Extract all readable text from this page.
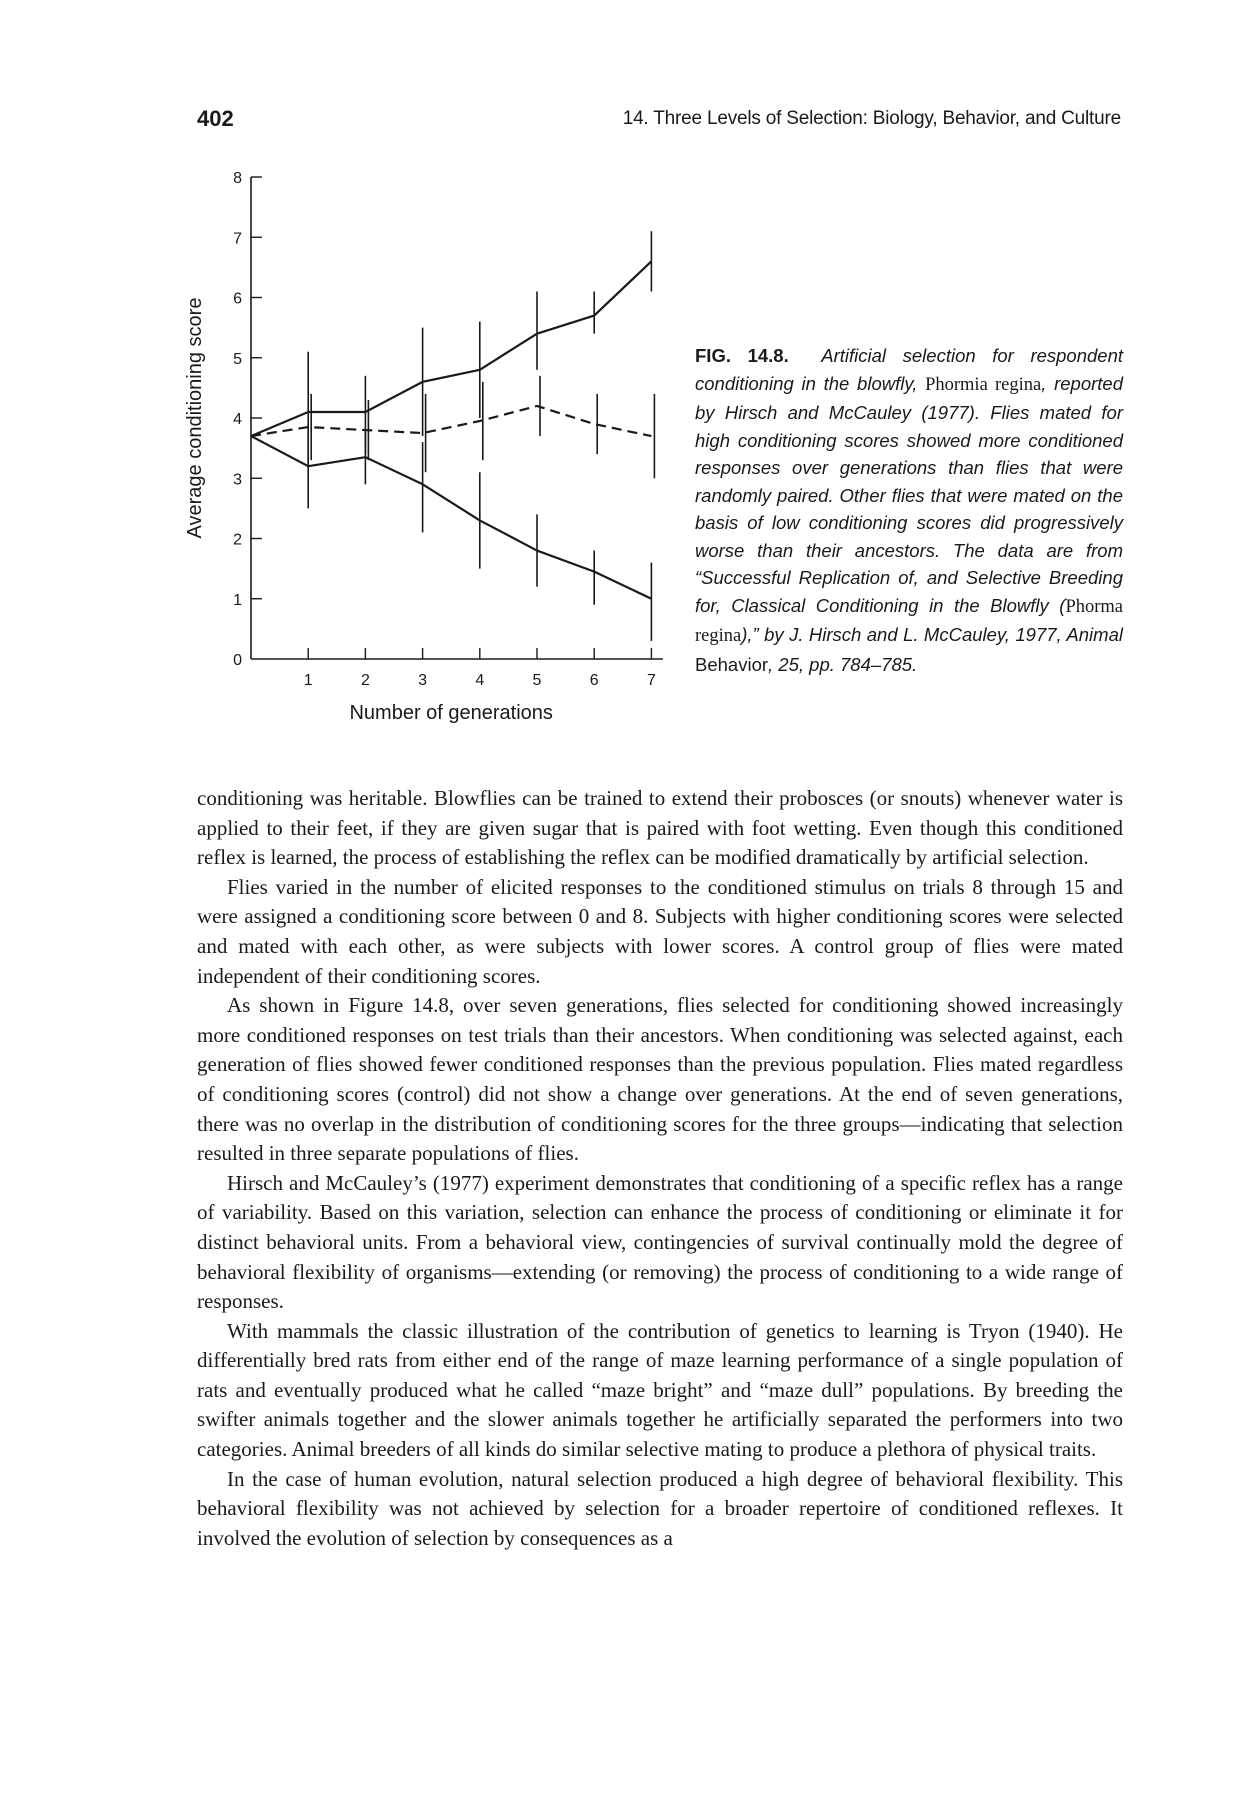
402	14. Three Levels of Selection: Biology, Behavior, and Culture
0
1
2
3
4
5
6
7
8
1	2	3	4	5	6	7
Number of generations
Average conditioning score	FIG. 14.8. Artificial selection for respondent conditioning in the blowfly, Phormia regina, reported by Hirsch and McCauley (1977). Flies mated for high conditioning scores showed more conditioned responses over generations than flies that were randomly paired. Other flies that were mated on the basis of low conditioning scores did progressively worse than their ancestors. The data are from “Successful Replication of, and Selective Breeding for, Classical Conditioning in the Blowfly (Phorma regina),” by J. Hirsch and L. McCauley, 1977, Animal Behavior, 25, pp. 784–785.

conditioning was heritable. Blowflies can be trained to extend their probosces (or snouts) whenever water is applied to their feet, if they are given sugar that is paired with foot wetting. Even though this conditioned reflex is learned, the process of establishing the reflex can be modified dramatically by artificial selection.

Flies varied in the number of elicited responses to the conditioned stimulus on trials 8 through 15 and were assigned a conditioning score between 0 and 8. Subjects with higher conditioning scores were selected and mated with each other, as were subjects with lower scores. A control group of flies were mated independent of their conditioning scores.

As shown in Figure 14.8, over seven generations, flies selected for conditioning showed increasingly more conditioned responses on test trials than their ancestors. When conditioning was selected against, each generation of flies showed fewer conditioned responses than the previous population. Flies mated regardless of conditioning scores (control) did not show a change over generations. At the end of seven generations, there was no overlap in the distribution of conditioning scores for the three groups—indicating that selection resulted in three separate populations of flies.

Hirsch and McCauley’s (1977) experiment demonstrates that conditioning of a specific reflex has a range of variability. Based on this variation, selection can enhance the process of conditioning or eliminate it for distinct behavioral units. From a behavioral view, contingencies of survival continually mold the degree of behavioral flexibility of organisms—extending (or removing) the process of conditioning to a wide range of responses.

With mammals the classic illustration of the contribution of genetics to learning is Tryon (1940). He differentially bred rats from either end of the range of maze learning performance of a single population of rats and eventually produced what he called “maze bright” and “maze dull” populations. By breeding the swifter animals together and the slower animals together he artificially separated the performers into two categories. Animal breeders of all kinds do similar selective mating to produce a plethora of physical traits.

In the case of human evolution, natural selection produced a high degree of behavioral flexibility. This behavioral flexibility was not achieved by selection for a broader repertoire of conditioned reflexes. It involved the evolution of selection by consequences as a
